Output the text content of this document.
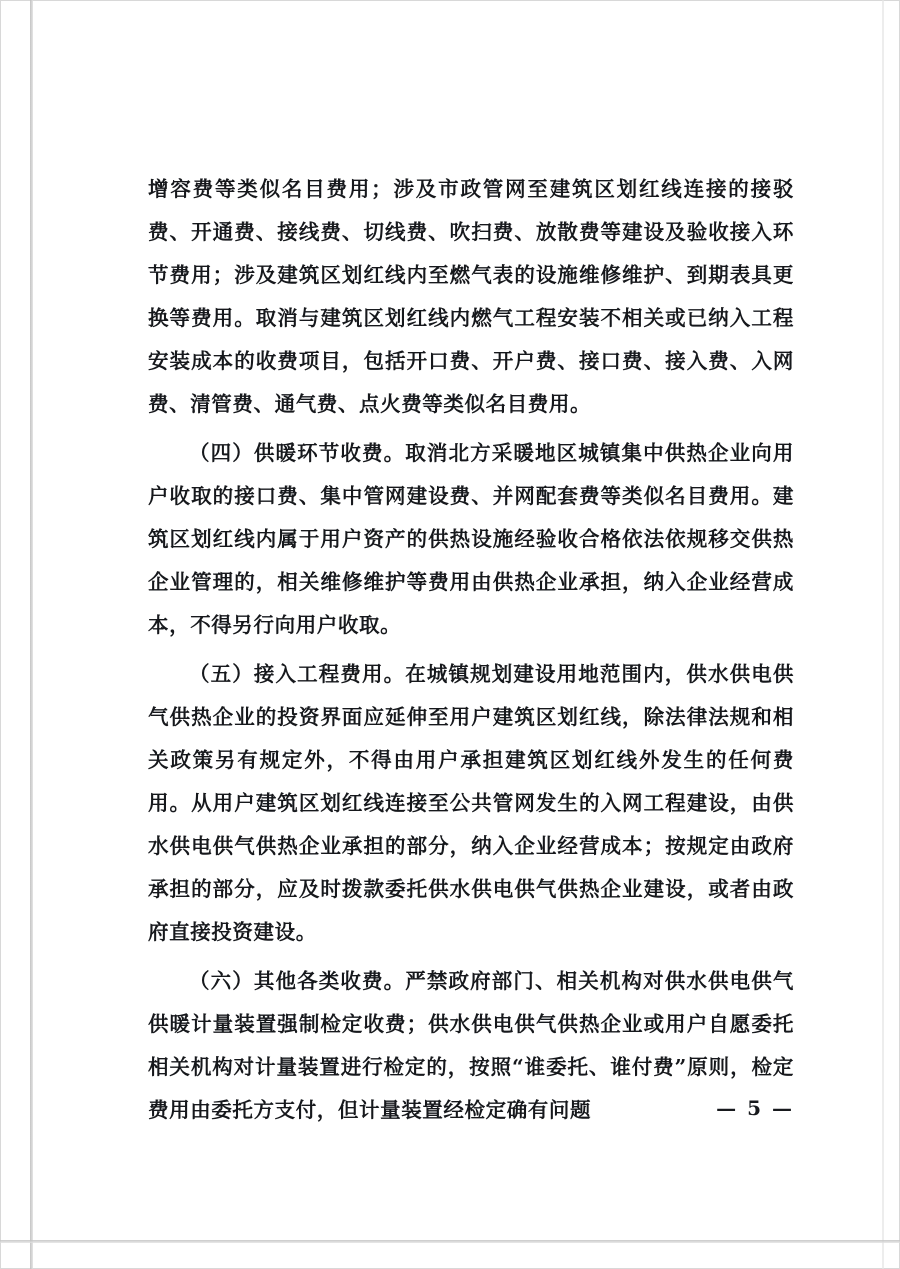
增容费等类似名目费用；涉及市政管网至建筑区划红线连接的接驳费、开通费、接线费、切线费、吹扫费、放散费等建设及验收接入环节费用；涉及建筑区划红线内至燃气表的设施维修维护、到期表具更换等费用。取消与建筑区划红线内燃气工程安装不相关或已纳入工程安装成本的收费项目，包括开口费、开户费、接口费、接入费、入网费、清管费、通气费、点火费等类似名目费用。

（四）供暖环节收费。取消北方采暖地区城镇集中供热企业向用户收取的接口费、集中管网建设费、并网配套费等类似名目费用。建筑区划红线内属于用户资产的供热设施经验收合格依法依规移交供热企业管理的，相关维修维护等费用由供热企业承担，纳入企业经营成本，不得另行向用户收取。

（五）接入工程费用。在城镇规划建设用地范围内，供水供电供气供热企业的投资界面应延伸至用户建筑区划红线，除法律法规和相关政策另有规定外，不得由用户承担建筑区划红线外发生的任何费用。从用户建筑区划红线连接至公共管网发生的入网工程建设，由供水供电供气供热企业承担的部分，纳入企业经营成本；按规定由政府承担的部分，应及时拨款委托供水供电供气供热企业建设，或者由政府直接投资建设。

（六）其他各类收费。严禁政府部门、相关机构对供水供电供气供暖计量装置强制检定收费；供水供电供气供热企业或用户自愿委托相关机构对计量装置进行检定的，按照“谁委托、谁付费”原则，检定费用由委托方支付，但计量装置经检定确有问题	— 5 —
